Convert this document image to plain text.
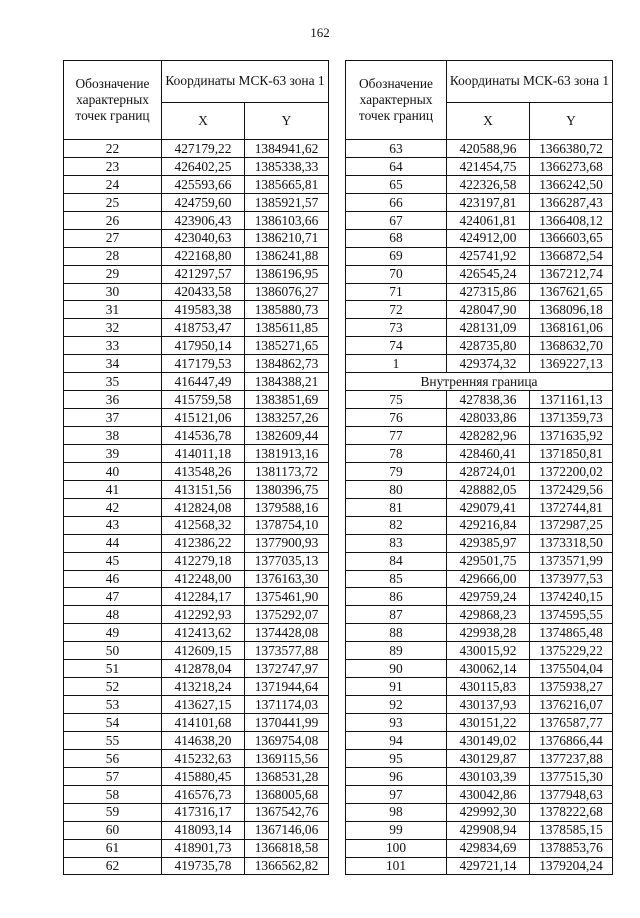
162
Обозначение характерных точек границ	Координаты МСК-63 зона 1	
	X	Y
22	427179,22	1384941,62
23	426402,25	1385338,33
24	425593,66	1385665,81
25	424759,60	1385921,57
26	423906,43	1386103,66
27	423040,63	1386210,71
28	422168,80	1386241,88
29	421297,57	1386196,95
30	420433,58	1386076,27
31	419583,38	1385880,73
32	418753,47	1385611,85
33	417950,14	1385271,65
34	417179,53	1384862,73
35	416447,49	1384388,21
36	415759,58	1383851,69
37	415121,06	1383257,26
38	414536,78	1382609,44
39	414011,18	1381913,16
40	413548,26	1381173,72
41	413151,56	1380396,75
42	412824,08	1379588,16
43	412568,32	1378754,10
44	412386,22	1377900,93
45	412279,18	1377035,13
46	412248,00	1376163,30
47	412284,17	1375461,90
48	412292,93	1375292,07
49	412413,62	1374428,08
50	412609,15	1373577,88
51	412878,04	1372747,97
52	413218,24	1371944,64
53	413627,15	1371174,03
54	414101,68	1370441,99
55	414638,20	1369754,08
56	415232,63	1369115,56
57	415880,45	1368531,28
58	416576,73	1368005,68
59	417316,17	1367542,76
60	418093,14	1367146,06
61	418901,73	1366818,58
62	419735,78	1366562,82
Обозначение характерных точек границ	Координаты МСК-63 зона 1	
	X	Y
63	420588,96	1366380,72
64	421454,75	1366273,68
65	422326,58	1366242,50
66	423197,81	1366287,43
67	424061,81	1366408,12
68	424912,00	1366603,65
69	425741,92	1366872,54
70	426545,24	1367212,74
71	427315,86	1367621,65
72	428047,90	1368096,18
73	428131,09	1368161,06
74	428735,80	1368632,70
1	429374,32	1369227,13
Внутренняя граница		
75	427838,36	1371161,13
76	428033,86	1371359,73
77	428282,96	1371635,92
78	428460,41	1371850,81
79	428724,01	1372200,02
80	428882,05	1372429,56
81	429079,41	1372744,81
82	429216,84	1372987,25
83	429385,97	1373318,50
84	429501,75	1373571,99
85	429666,00	1373977,53
86	429759,24	1374240,15
87	429868,23	1374595,55
88	429938,28	1374865,48
89	430015,92	1375229,22
90	430062,14	1375504,04
91	430115,83	1375938,27
92	430137,93	1376216,07
93	430151,22	1376587,77
94	430149,02	1376866,44
95	430129,87	1377237,88
96	430103,39	1377515,30
97	430042,86	1377948,63
98	429992,30	1378222,68
99	429908,94	1378585,15
100	429834,69	1378853,76
101	429721,14	1379204,24
